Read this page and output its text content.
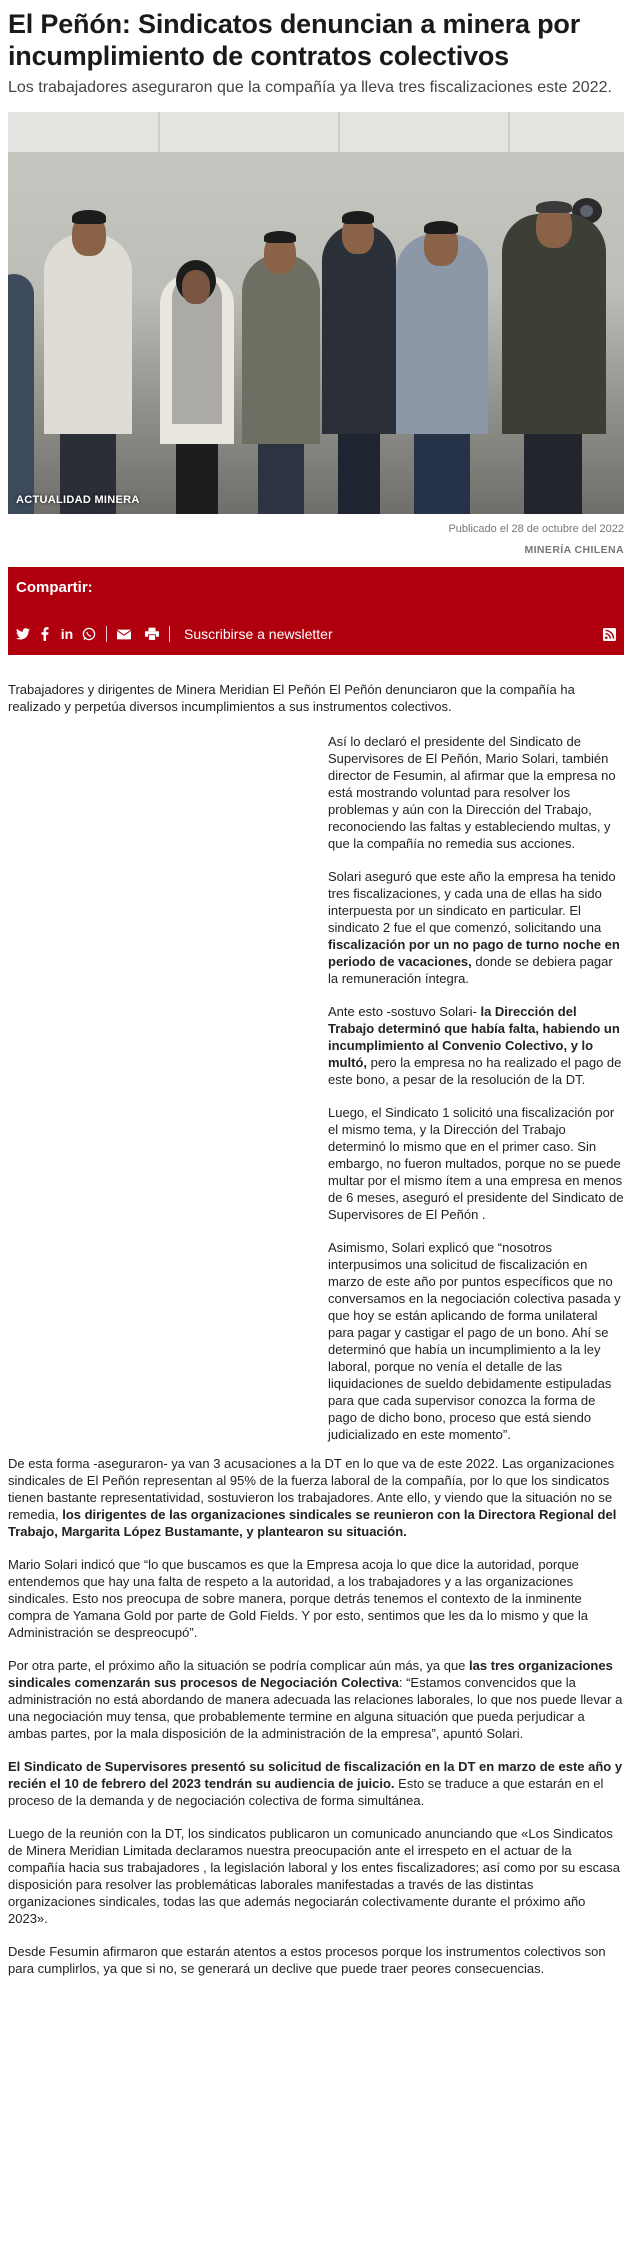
El Peñón: Sindicatos denuncian a minera por incumplimiento de contratos colectivos

Los trabajadores aseguraron que la compañía ya lleva tres fiscalizaciones este 2022.

ACTUALIDAD MINERA
Publicado el 28 de octubre del 2022
MINERÍA CHILENA
Compartir:
in	Suscribirse a newsletter

Trabajadores y dirigentes de Minera Meridian El Peñón El Peñón denunciaron que la compañía ha realizado y perpetúa diversos incumplimientos a sus instrumentos colectivos.

Así lo declaró el presidente del Sindicato de Supervisores de El Peñón, Mario Solari, también director de Fesumin, al afirmar que la empresa no está mostrando voluntad para resolver los problemas y aún con la Dirección del Trabajo, reconociendo las faltas y estableciendo multas, y que la compañía no remedia sus acciones.

Solari aseguró que este año la empresa ha tenido tres fiscalizaciones, y cada una de ellas ha sido interpuesta por un sindicato en particular. El sindicato 2 fue el que comenzó, solicitando una fiscalización por un no pago de turno noche en periodo de vacaciones, donde se debiera pagar la remuneración íntegra.

Ante esto -sostuvo Solari- la Dirección del Trabajo determinó que había falta, habiendo un incumplimiento al Convenio Colectivo, y lo multó, pero la empresa no ha realizado el pago de este bono, a pesar de la resolución de la DT.

Luego, el Sindicato 1 solicitó una fiscalización por el mismo tema, y la Dirección del Trabajo determinó lo mismo que en el primer caso. Sin embargo, no fueron multados, porque no se puede multar por el mismo ítem a una empresa en menos de 6 meses, aseguró el presidente del Sindicato de Supervisores de El Peñón .

Asimismo, Solari explicó que “nosotros interpusimos una solicitud de fiscalización en marzo de este año por puntos específicos que no conversamos en la negociación colectiva pasada y que hoy se están aplicando de forma unilateral para pagar y castigar el pago de un bono. Ahí se determinó que había un incumplimiento a la ley laboral, porque no venía el detalle de las liquidaciones de sueldo debidamente estipuladas para que cada supervisor conozca la forma de pago de dicho bono, proceso que está siendo judicializado en este momento”.

De esta forma -aseguraron- ya van 3 acusaciones a la DT en lo que va de este 2022. Las organizaciones sindicales de El Peñón representan al 95% de la fuerza laboral de la compañía, por lo que los sindicatos tienen bastante representatividad, sostuvieron los trabajadores. Ante ello, y viendo que la situación no se remedia, los dirigentes de las organizaciones sindicales se reunieron con la Directora Regional del Trabajo, Margarita López Bustamante, y plantearon su situación.

Mario Solari indicó que “lo que buscamos es que la Empresa acoja lo que dice la autoridad, porque entendemos que hay una falta de respeto a la autoridad, a los trabajadores y a las organizaciones sindicales. Esto nos preocupa de sobre manera, porque detrás tenemos el contexto de la inminente compra de Yamana Gold por parte de Gold Fields. Y por esto, sentimos que les da lo mismo y que la Administración se despreocupó”.

Por otra parte, el próximo año la situación se podría complicar aún más, ya que las tres organizaciones sindicales comenzarán sus procesos de Negociación Colectiva: “Estamos convencidos que la administración no está abordando de manera adecuada las relaciones laborales, lo que nos puede llevar a una negociación muy tensa, que probablemente termine en alguna situación que pueda perjudicar a ambas partes, por la mala disposición de la administración de la empresa”, apuntó Solari.

El Sindicato de Supervisores presentó su solicitud de fiscalización en la DT en marzo de este año y recién el 10 de febrero del 2023 tendrán su audiencia de juicio. Esto se traduce a que estarán en el proceso de la demanda y de negociación colectiva de forma simultánea.

Luego de la reunión con la DT, los sindicatos publicaron un comunicado anunciando que «Los Sindicatos de Minera Meridian Limitada declaramos nuestra preocupación ante el irrespeto en el actuar de la compañía hacia sus trabajadores , la legislación laboral y los entes fiscalizadores; así como por su escasa disposición para resolver las problemáticas laborales manifestadas a través de las distintas organizaciones sindicales, todas las que además negociarán colectivamente durante el próximo año 2023».

Desde Fesumin afirmaron que estarán atentos a estos procesos porque los instrumentos colectivos son para cumplirlos, ya que si no, se generará un declive que puede traer peores consecuencias.
